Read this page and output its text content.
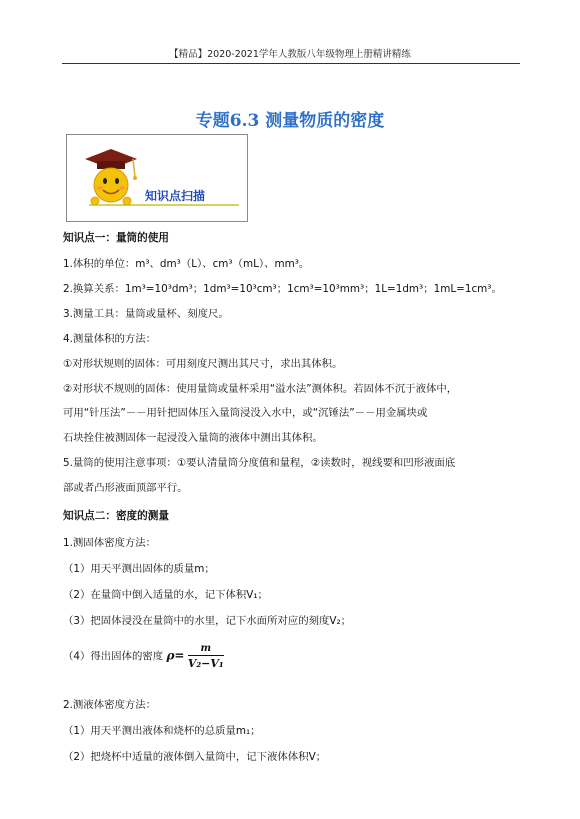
【精品】2020-2021学年人教版八年级物理上册精讲精练
专题6.3 测量物质的密度
知识点扫描
知识点一：量筒的使用
1.体积的单位：m³、dm³（L）、cm³（mL）、mm³。
2.换算关系：1m³=10³dm³；1dm³=10³cm³；1cm³=10³mm³；1L=1dm³；1mL=1cm³。
3.测量工具：量筒或量杯、刻度尺。
4.测量体积的方法：
①对形状规则的固体：可用刻度尺测出其尺寸，求出其体积。
②对形状不规则的固体：使用量筒或量杯采用“溢水法”测体积。若固体不沉于液体中，
可用“针压法”－－用针把固体压入量筒浸没入水中，或“沉锤法”－－用金属块或
石块拴住被测固体一起浸没入量筒的液体中测出其体积。
5.量筒的使用注意事项：①要认清量筒分度值和量程，②读数时，视线要和凹形液面底
部或者凸形液面顶部平行。
知识点二：密度的测量
1.测固体密度方法：
（1）用天平测出固体的质量m；
（2）在量筒中倒入适量的水，记下体积V₁；
（3）把固体浸没在量筒中的水里，记下水面所对应的刻度V₂；
（4）得出固体的密度 $\rho= \frac{m}{\text{V₂−V₁}}$
2.测液体密度方法：
（1）用天平测出液体和烧杯的总质量m₁；
（2）把烧杯中适量的液体倒入量筒中，记下液体体积V；
